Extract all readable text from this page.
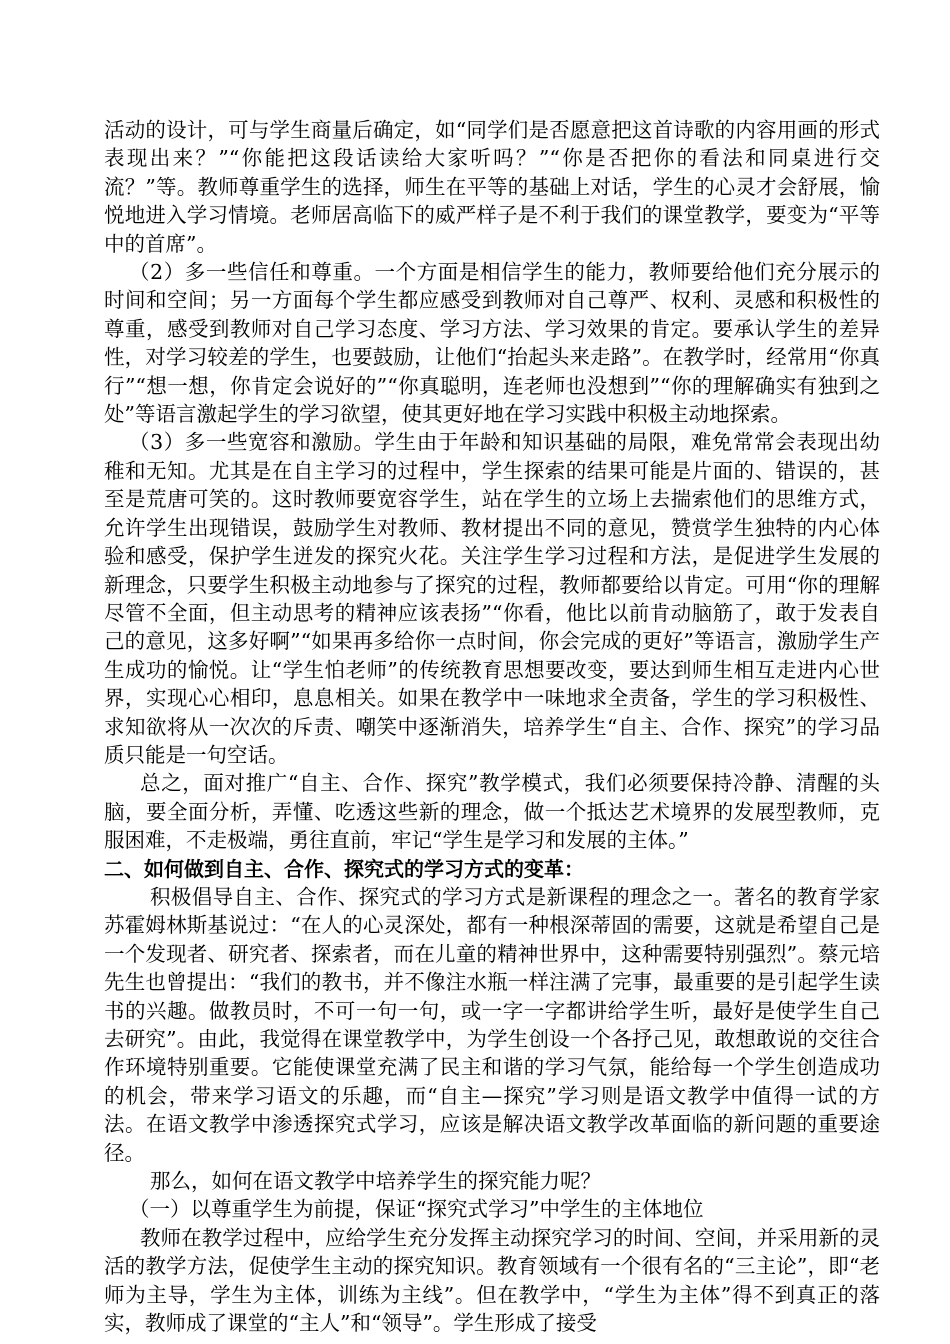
活动的设计，可与学生商量后确定，如“同学们是否愿意把这首诗歌的内容用画的形式表现出来？”“你能把这段话读给大家听吗？”“你是否把你的看法和同桌进行交流？”等。教师尊重学生的选择，师生在平等的基础上对话，学生的心灵才会舒展，愉悦地进入学习情境。老师居高临下的威严样子是不利于我们的课堂教学，要变为“平等中的首席”。

（2）多一些信任和尊重。一个方面是相信学生的能力，教师要给他们充分展示的时间和空间；另一方面每个学生都应感受到教师对自己尊严、权利、灵感和积极性的尊重，感受到教师对自己学习态度、学习方法、学习效果的肯定。要承认学生的差异性，对学习较差的学生，也要鼓励，让他们“抬起头来走路”。在教学时，经常用“你真行”“想一想，你肯定会说好的”“你真聪明，连老师也没想到”“你的理解确实有独到之处”等语言激起学生的学习欲望，使其更好地在学习实践中积极主动地探索。

（3）多一些宽容和激励。学生由于年龄和知识基础的局限，难免常常会表现出幼稚和无知。尤其是在自主学习的过程中，学生探索的结果可能是片面的、错误的，甚至是荒唐可笑的。这时教师要宽容学生，站在学生的立场上去揣索他们的思维方式，允许学生出现错误，鼓励学生对教师、教材提出不同的意见，赞赏学生独特的内心体验和感受，保护学生迸发的探究火花。关注学生学习过程和方法，是促进学生发展的新理念，只要学生积极主动地参与了探究的过程，教师都要给以肯定。可用“你的理解尽管不全面，但主动思考的精神应该表扬”“你看，他比以前肯动脑筋了，敢于发表自己的意见，这多好啊”“如果再多给你一点时间，你会完成的更好”等语言，激励学生产生成功的愉悦。让“学生怕老师”的传统教育思想要改变，要达到师生相互走进内心世界，实现心心相印，息息相关。如果在教学中一味地求全责备，学生的学习积极性、求知欲将从一次次的斥责、嘲笑中逐渐消失，培养学生“自主、合作、探究”的学习品质只能是一句空话。

总之，面对推广“自主、合作、探究”教学模式，我们必须要保持冷静、清醒的头脑，要全面分析，弄懂、吃透这些新的理念，做一个抵达艺术境界的发展型教师，克服困难，不走极端，勇往直前，牢记“学生是学习和发展的主体。”

二、如何做到自主、合作、探究式的学习方式的变革：

积极倡导自主、合作、探究式的学习方式是新课程的理念之一。著名的教育学家苏霍姆林斯基说过：“在人的心灵深处，都有一种根深蒂固的需要，这就是希望自己是一个发现者、研究者、探索者，而在儿童的精神世界中，这种需要特别强烈”。蔡元培先生也曾提出：“我们的教书，并不像注水瓶一样注满了完事，最重要的是引起学生读书的兴趣。做教员时，不可一句一句，或一字一字都讲给学生听，最好是使学生自己去研究”。由此，我觉得在课堂教学中，为学生创设一个各抒己见，敢想敢说的交往合作环境特别重要。它能使课堂充满了民主和谐的学习气氛，能给每一个学生创造成功的机会，带来学习语文的乐趣，而“自主—探究”学习则是语文教学中值得一试的方法。在语文教学中渗透探究式学习，应该是解决语文教学改革面临的新问题的重要途径。

那么，如何在语文教学中培养学生的探究能力呢？

（一）以尊重学生为前提，保证“探究式学习”中学生的主体地位

教师在教学过程中，应给学生充分发挥主动探究学习的时间、空间，并采用新的灵活的教学方法，促使学生主动的探究知识。教育领域有一个很有名的“三主论”，即“老师为主导，学生为主体，训练为主线”。但在教学中，“学生为主体”得不到真正的落实，教师成了课堂的“主人”和“领导”。学生形成了接受
